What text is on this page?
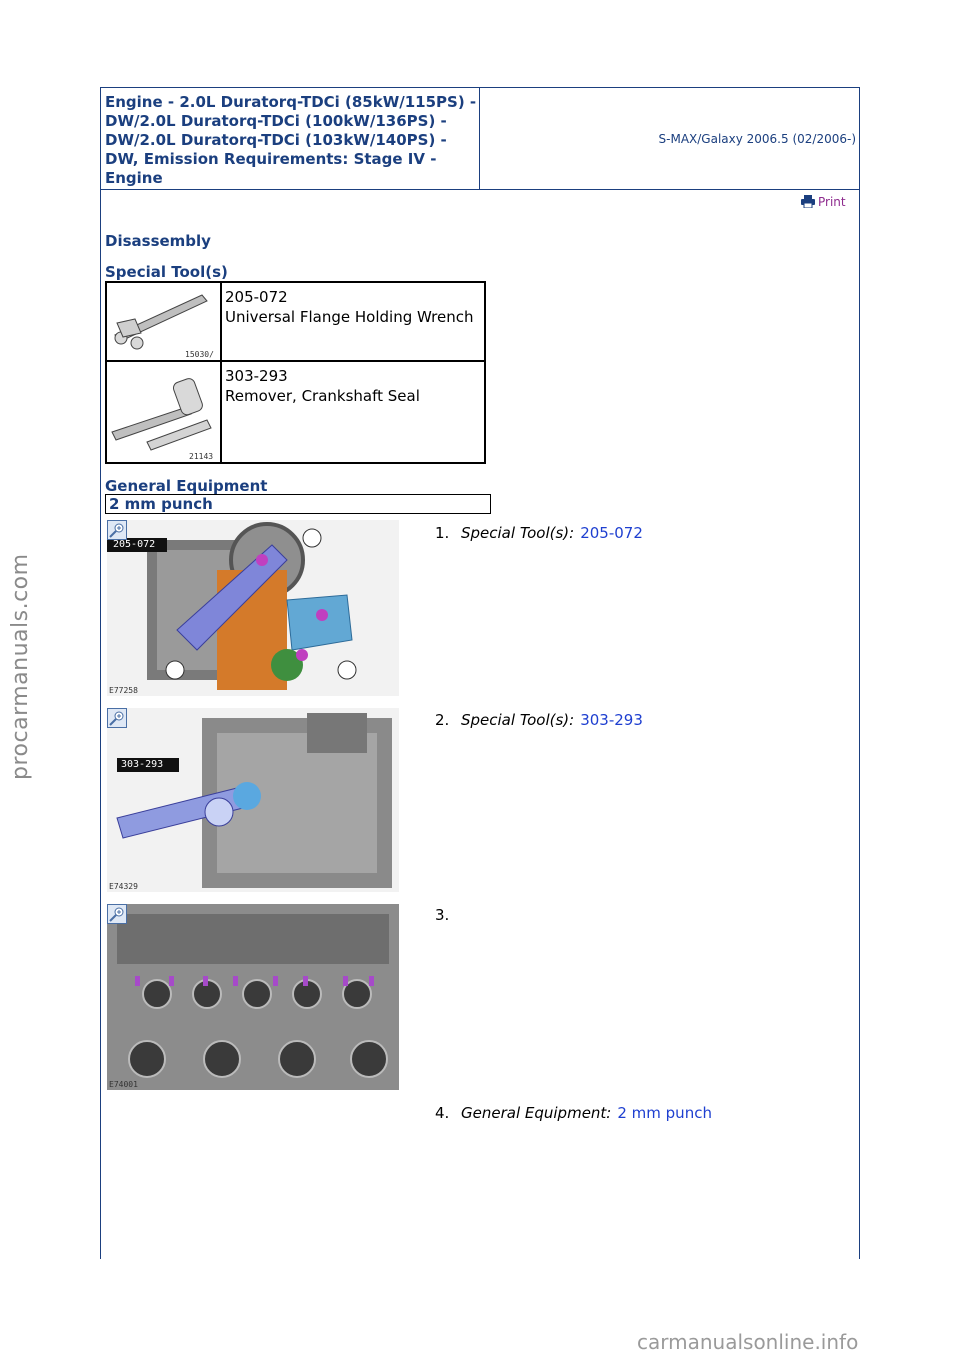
Engine - 2.0L Duratorq-TDCi (85kW/115PS) - DW/2.0L Duratorq-TDCi (100kW/136PS) - DW/2.0L Duratorq-TDCi (103kW/140PS) - DW, Emission Requirements: Stage IV - Engine
S-MAX/Galaxy 2006.5 (02/2006-)
Print
Disassembly
Special Tool(s)
15030/
205-072
Universal Flange Holding Wrench
21143
303-293
Remover, Crankshaft Seal
General Equipment
2 mm punch
205-072
E77258
1. Special Tool(s): 205-072
303-293
E74329
2. Special Tool(s): 303-293
E74001
3.
4. General Equipment: 2 mm punch
procarmanuals.com
carmanualsonline.info
